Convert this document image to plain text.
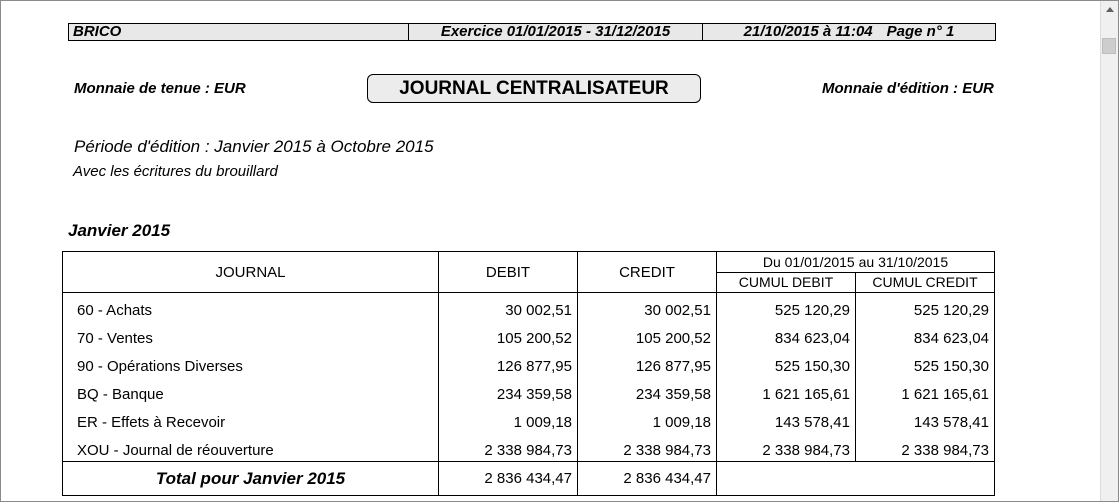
BRICO	Exercice 01/01/2015 - 31/12/2015	21/10/2015 à 11:04 Page n° 1
Monnaie de tenue : EUR	JOURNAL CENTRALISATEUR	Monnaie d'édition : EUR
Période d'édition : Janvier 2015 à Octobre 2015
Avec les écritures du brouillard
Janvier 2015
JOURNAL	DEBIT	CREDIT	Du 01/01/2015 au 31/10/2015	
			CUMUL DEBIT	CUMUL CREDIT
60 - Achats	30 002,51	30 002,51	525 120,29	525 120,29
70 - Ventes	105 200,52	105 200,52	834 623,04	834 623,04
90 - Opérations Diverses	126 877,95	126 877,95	525 150,30	525 150,30
BQ - Banque	234 359,58	234 359,58	1 621 165,61	1 621 165,61
ER - Effets à Recevoir	1 009,18	1 009,18	143 578,41	143 578,41
XOU - Journal de réouverture	2 338 984,73	2 338 984,73	2 338 984,73	2 338 984,73
Total pour Janvier 2015	2 836 434,47	2 836 434,47		
